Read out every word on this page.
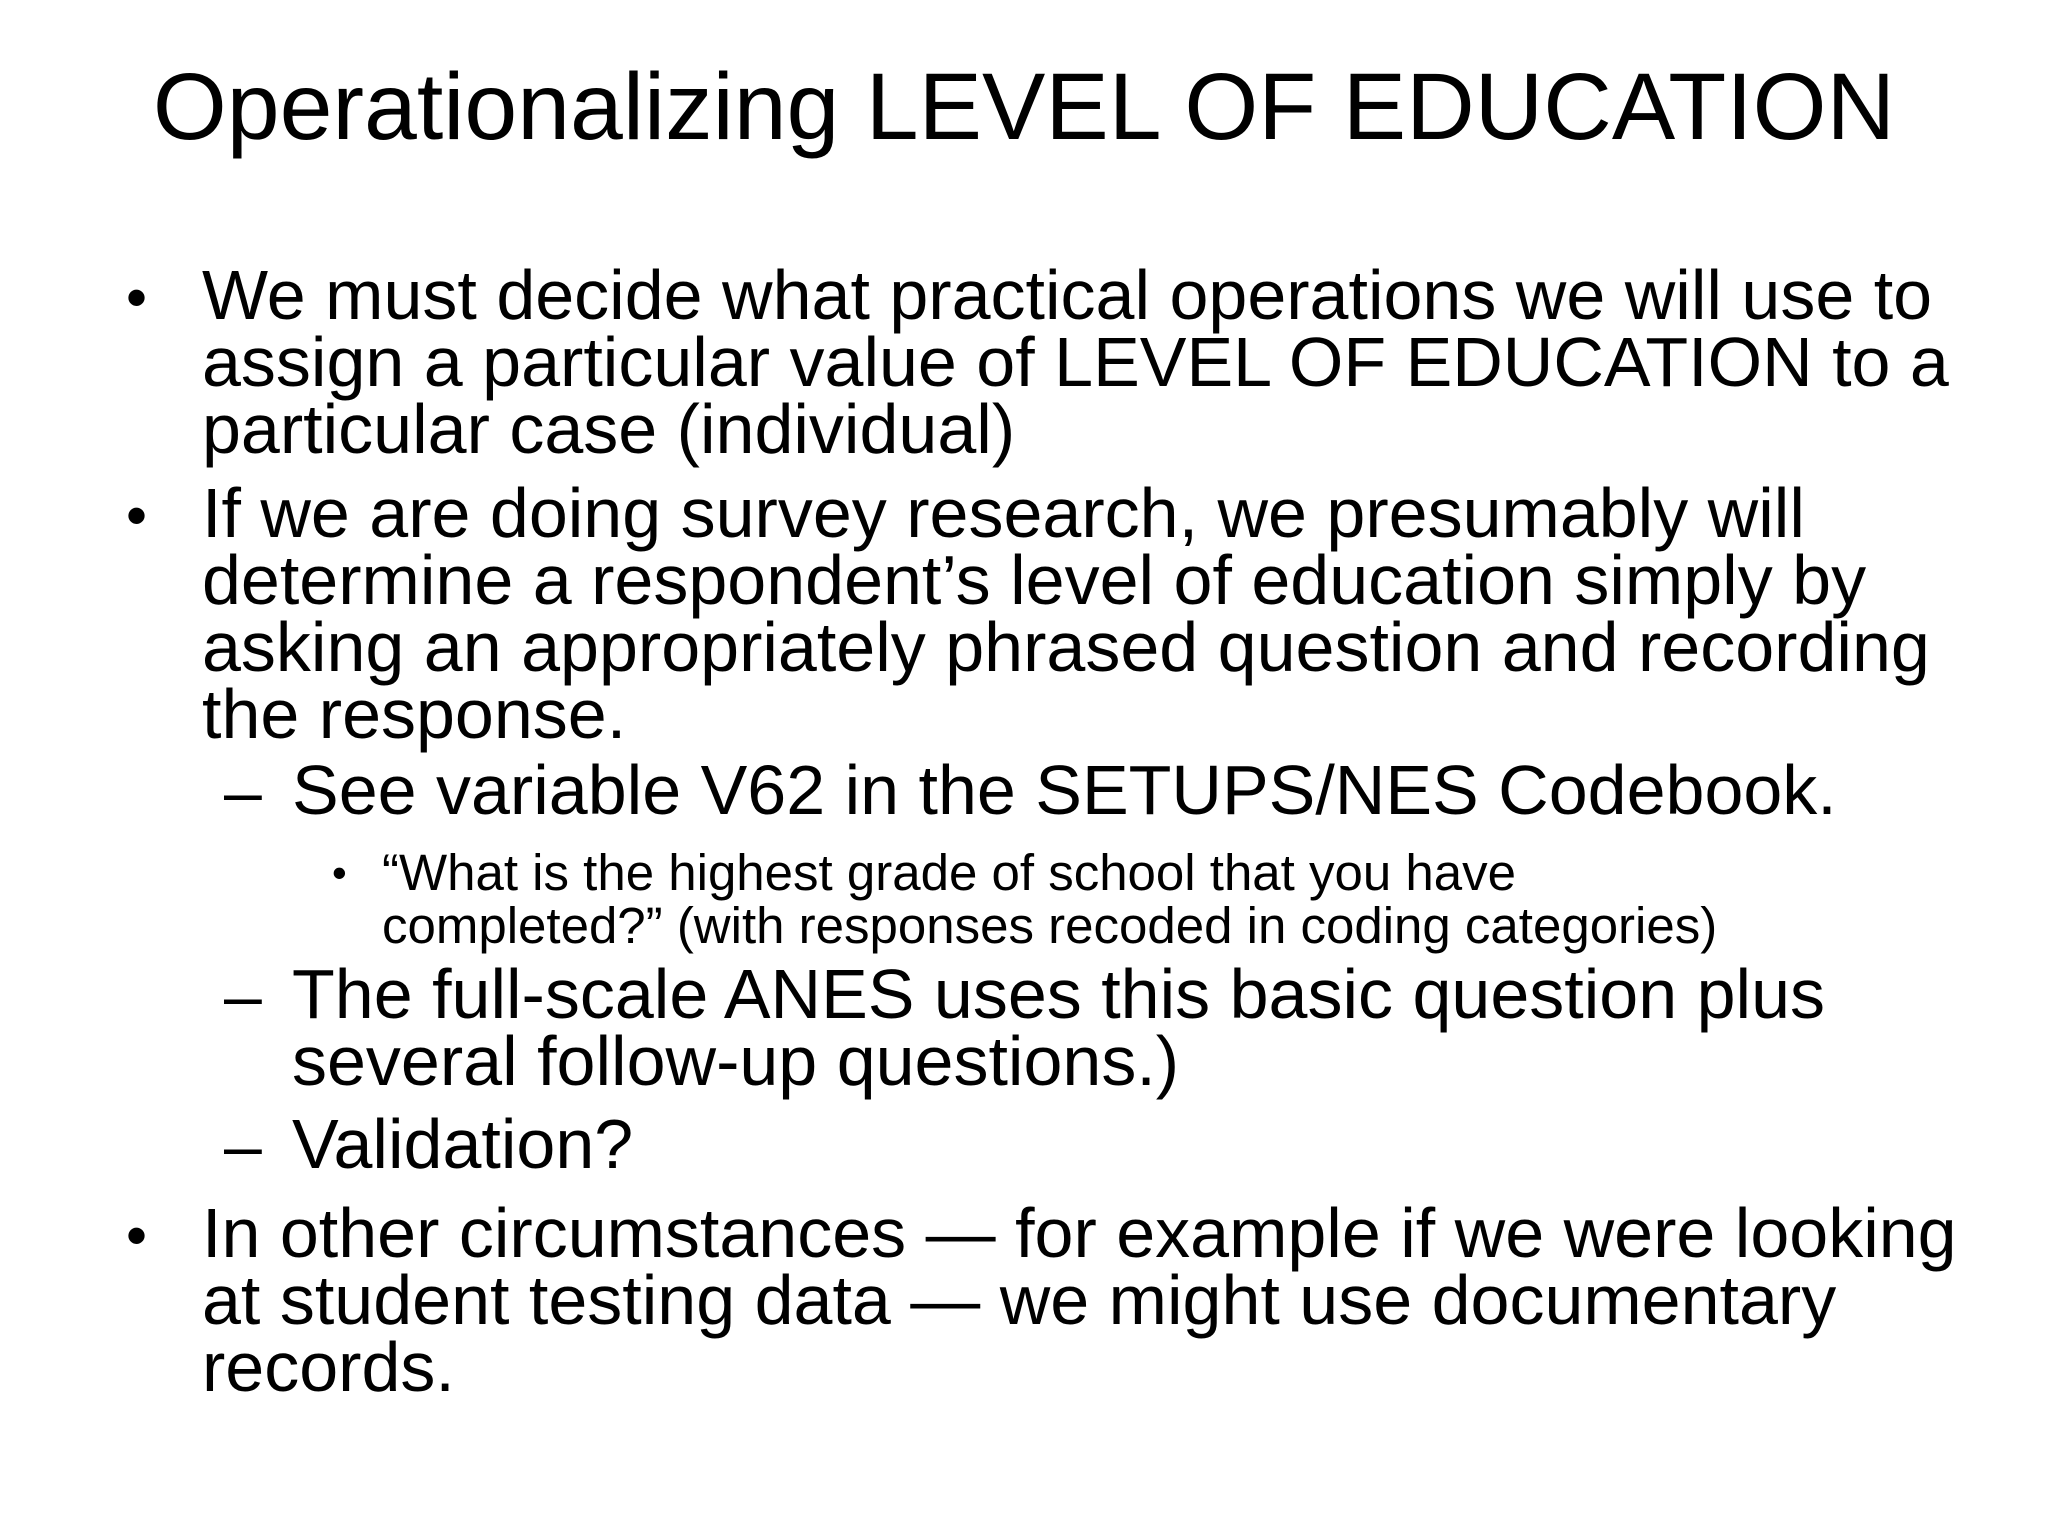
Operationalizing LEVEL OF EDUCATION
• We must decide what practical operations we will use to
assign a particular value of LEVEL OF EDUCATION to a
particular case (individual)
• If we are doing survey research, we presumably will
determine a respondent’s level of education simply by
asking an appropriately phrased question and recording
the response.
– See variable V62 in the SETUPS/NES Codebook.
• “What is the highest grade of school that you have
completed?” (with responses recoded in coding categories)
– The full-scale ANES uses this basic question plus
several follow-up questions.)
– Validation?
• In other circumstances — for example if we were looking
at student testing data — we might use documentary
records.
